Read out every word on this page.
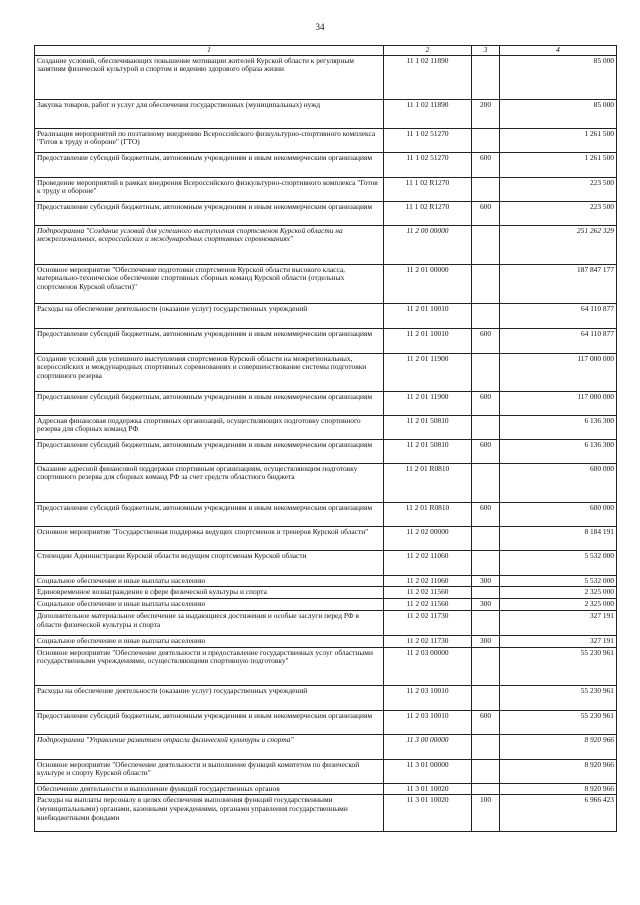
34
1	2	3	4
Создание условий, обеспечивающих повышение мотивации жителей Курской области к регулярным занятиям физической культурой и спортом и ведению здорового образа жизни	11 1 02 11890		85 000
Закупка товаров, работ и услуг для обеспечения государственных (муниципальных) нужд	11 1 02 11890	200	85 000
Реализация мероприятий по поэтапному внедрению Всероссийского физкультурно-спортивного комплекса "Готов к труду и обороне" (ГТО)	11 1 02 51270		1 261 500
Предоставление субсидий бюджетным, автономным учреждениям и иным некоммерческим организациям	11 1 02 51270	600	1 261 500
Проведение мероприятий в рамках внедрения Всероссийского физкультурно-спортивного комплекса "Готов к труду и обороне"	11 1 02 R1270		223 500
Предоставление субсидий бюджетным, автономным учреждениям и иным некоммерческим организациям	11 1 02 R1270	600	223 500
Подпрограмма "Создание условий для успешного выступления спортсменов Курской области на межрегиональных, всероссийских и международных спортивных соревнованиях"	11 2 00 00000		251 262 329
Основное мероприятие "Обеспечение подготовки спортсменов Курской области высокого класса, материально-техническое обеспечение спортивных сборных команд Курской области (отдельных спортсменов Курской области)"	11 2 01 00000		187 847 177
Расходы на обеспечение деятельности (оказание услуг) государственных учреждений	11 2 01 10010		64 110 877
Предоставление субсидий бюджетным, автономным учреждениям и иным некоммерческим организациям	11 2 01 10010	600	64 110 877
Создание условий для успешного выступления спортсменов Курской области на межрегиональных, всероссийских и международных спортивных соревнованиях и совершенствование системы подготовки спортивного резерва	11 2 01 11900		117 000 000
Предоставление субсидий бюджетным, автономным учреждениям и иным некоммерческим организациям	11 2 01 11900	600	117 000 000
Адресная финансовая поддержка спортивных организаций, осуществляющих подготовку спортивного резерва для сборных команд РФ	11 2 01 50810		6 136 300
Предоставление субсидий бюджетным, автономным учреждениям и иным некоммерческим организациям	11 2 01 50810	600	6 136 300
Оказание адресной финансовой поддержки спортивным организациям, осуществляющим подготовку спортивного резерва для сборных команд РФ за счет средств областного бюджета	11 2 01 R0810		600 000
Предоставление субсидий бюджетным, автономным учреждениям и иным некоммерческим организациям	11 2 01 R0810	600	600 000
Основное мероприятие "Государственная поддержка ведущих спортсменов и тренеров Курской области"	11 2 02 00000		8 184 191
Стипендии Администрации Курской области ведущим спортсменам Курской области	11 2 02 11060		5 532 000
Социальное обеспечение и иные выплаты населению	11 2 02 11060	300	5 532 000
Единовременное вознаграждение в сфере физической культуры и спорта	11 2 02 11560		2 325 000
Социальное обеспечение и иные выплаты населению	11 2 02 11560	300	2 325 000
Дополнительное материальное обеспечение за выдающиеся достижения и особые заслуги перед РФ в области физической культуры и спорта	11 2 02 11730		327 191
Социальное обеспечение и иные выплаты населению	11 2 02 11730	300	327 191
Основное мероприятие "Обеспечение деятельности и предоставление государственных услуг областными государственными учреждениями, осуществляющими спортивную подготовку"	11 2 03 00000		55 230 961
Расходы на обеспечение деятельности (оказание услуг) государственных учреждений	11 2 03 10010		55 230 961
Предоставление субсидий бюджетным, автономным учреждениям и иным некоммерческим организациям	11 2 03 10010	600	55 230 961
Подпрограмма "Управление развитием отрасли физической культуры и спорта"	11 3 00 00000		8 920 966
Основное мероприятие "Обеспечение деятельности и выполнение функций комитетом по физической культуре и спорту Курской области"	11 3 01 00000		8 920 966
Обеспечение деятельности и выполнение функций государственных органов	11 3 01 10020		8 920 966
Расходы на выплаты персоналу в целях обеспечения выполнения функций государственными (муниципальными) органами, казенными учреждениями, органами управления государственными внебюджетными фондами	11 3 01 10020	100	6 966 423
